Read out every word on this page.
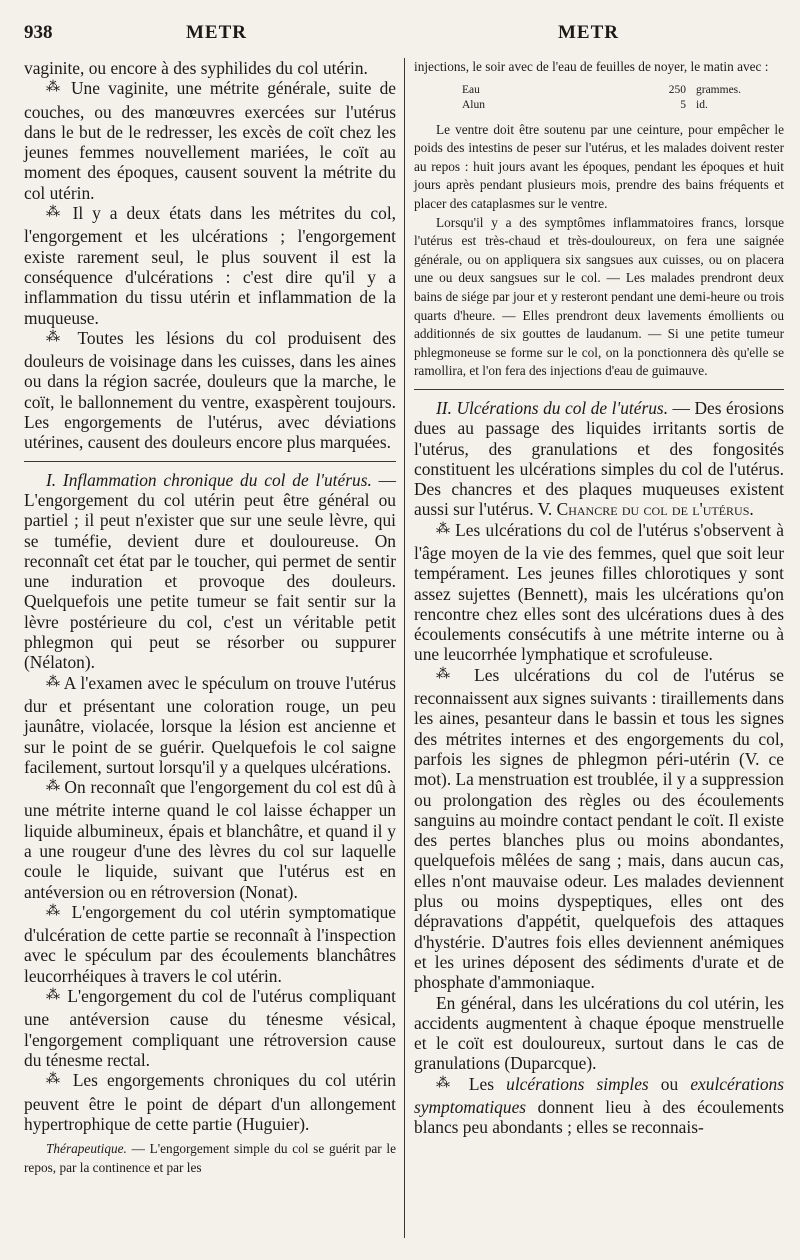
938	METR	METR

vaginite, ou encore à des syphilides du col utérin.

⁂ Une vaginite, une métrite générale, suite de couches, ou des manœuvres exercées sur l'utérus dans le but de le redresser, les excès de coït chez les jeunes femmes nouvellement mariées, le coït au moment des époques, causent souvent la métrite du col utérin.

⁂ Il y a deux états dans les métrites du col, l'engorgement et les ulcérations ; l'engorgement existe rarement seul, le plus souvent il est la conséquence d'ulcérations : c'est dire qu'il y a inflammation du tissu utérin et inflammation de la muqueuse.

⁂ Toutes les lésions du col produisent des douleurs de voisinage dans les cuisses, dans les aines ou dans la région sacrée, douleurs que la marche, le coït, le ballonnement du ventre, exaspèrent toujours. Les engorgements de l'utérus, avec déviations utérines, causent des douleurs encore plus marquées.

I. Inflammation chronique du col de l'utérus. — L'engorgement du col utérin peut être général ou partiel ; il peut n'exister que sur une seule lèvre, qui se tuméfie, devient dure et douloureuse. On reconnaît cet état par le toucher, qui permet de sentir une induration et provoque des douleurs. Quelquefois une petite tumeur se fait sentir sur la lèvre postérieure du col, c'est un véritable petit phlegmon qui peut se résorber ou suppurer (Nélaton).

⁂ A l'examen avec le spéculum on trouve l'utérus dur et présentant une coloration rouge, un peu jaunâtre, violacée, lorsque la lésion est ancienne et sur le point de se guérir. Quelquefois le col saigne facilement, surtout lorsqu'il y a quelques ulcérations.

⁂ On reconnaît que l'engorgement du col est dû à une métrite interne quand le col laisse échapper un liquide albumineux, épais et blanchâtre, et quand il y a une rougeur d'une des lèvres du col sur laquelle coule le liquide, suivant que l'utérus est en antéversion ou en rétroversion (Nonat).

⁂ L'engorgement du col utérin symptomatique d'ulcération de cette partie se reconnaît à l'inspection avec le spéculum par des écoulements blanchâtres leucorrhéiques à travers le col utérin.

⁂ L'engorgement du col de l'utérus compliquant une antéversion cause du ténesme vésical, l'engorgement compliquant une rétroversion cause du ténesme rectal.

⁂ Les engorgements chroniques du col utérin peuvent être le point de départ d'un allongement hypertrophique de cette partie (Huguier).

Thérapeutique. — L'engorgement simple du col se guérit par le repos, par la continence et par les

injections, le soir avec de l'eau de feuilles de noyer, le matin avec :

Eau	250 grammes.
Alun	5 id.

Le ventre doit être soutenu par une ceinture, pour empêcher le poids des intestins de peser sur l'utérus, et les malades doivent rester au repos : huit jours avant les époques, pendant les époques et huit jours après pendant plusieurs mois, prendre des bains fréquents et placer des cataplasmes sur le ventre.

Lorsqu'il y a des symptômes inflammatoires francs, lorsque l'utérus est très-chaud et très-douloureux, on fera une saignée générale, ou on appliquera six sangsues aux cuisses, ou on placera une ou deux sangsues sur le col. — Les malades prendront deux bains de siége par jour et y resteront pendant une demi-heure ou trois quarts d'heure. — Elles prendront deux lavements émollients ou additionnés de six gouttes de laudanum. — Si une petite tumeur phlegmoneuse se forme sur le col, on la ponctionnera dès qu'elle se ramollira, et l'on fera des injections d'eau de guimauve.

II. Ulcérations du col de l'utérus. — Des érosions dues au passage des liquides irritants sortis de l'utérus, des granulations et des fongosités constituent les ulcérations simples du col de l'utérus. Des chancres et des plaques muqueuses existent aussi sur l'utérus. V. Chancre du col de l'utérus.

⁂ Les ulcérations du col de l'utérus s'observent à l'âge moyen de la vie des femmes, quel que soit leur tempérament. Les jeunes filles chlorotiques y sont assez sujettes (Bennett), mais les ulcérations qu'on rencontre chez elles sont des ulcérations dues à des écoulements consécutifs à une métrite interne ou à une leucorrhée lymphatique et scrofuleuse.

⁂ Les ulcérations du col de l'utérus se reconnaissent aux signes suivants : tiraillements dans les aines, pesanteur dans le bassin et tous les signes des métrites internes et des engorgements du col, parfois les signes de phlegmon péri-utérin (V. ce mot). La menstruation est troublée, il y a suppression ou prolongation des règles ou des écoulements sanguins au moindre contact pendant le coït. Il existe des pertes blanches plus ou moins abondantes, quelquefois mêlées de sang ; mais, dans aucun cas, elles n'ont mauvaise odeur. Les malades deviennent plus ou moins dyspeptiques, elles ont des dépravations d'appétit, quelquefois des attaques d'hystérie. D'autres fois elles deviennent anémiques et les urines déposent des sédiments d'urate et de phosphate d'ammoniaque.

En général, dans les ulcérations du col utérin, les accidents augmentent à chaque époque menstruelle et le coït est douloureux, surtout dans le cas de granulations (Duparcque).

⁂ Les ulcérations simples ou exulcérations symptomatiques donnent lieu à des écoulements blancs peu abondants ; elles se reconnais-
